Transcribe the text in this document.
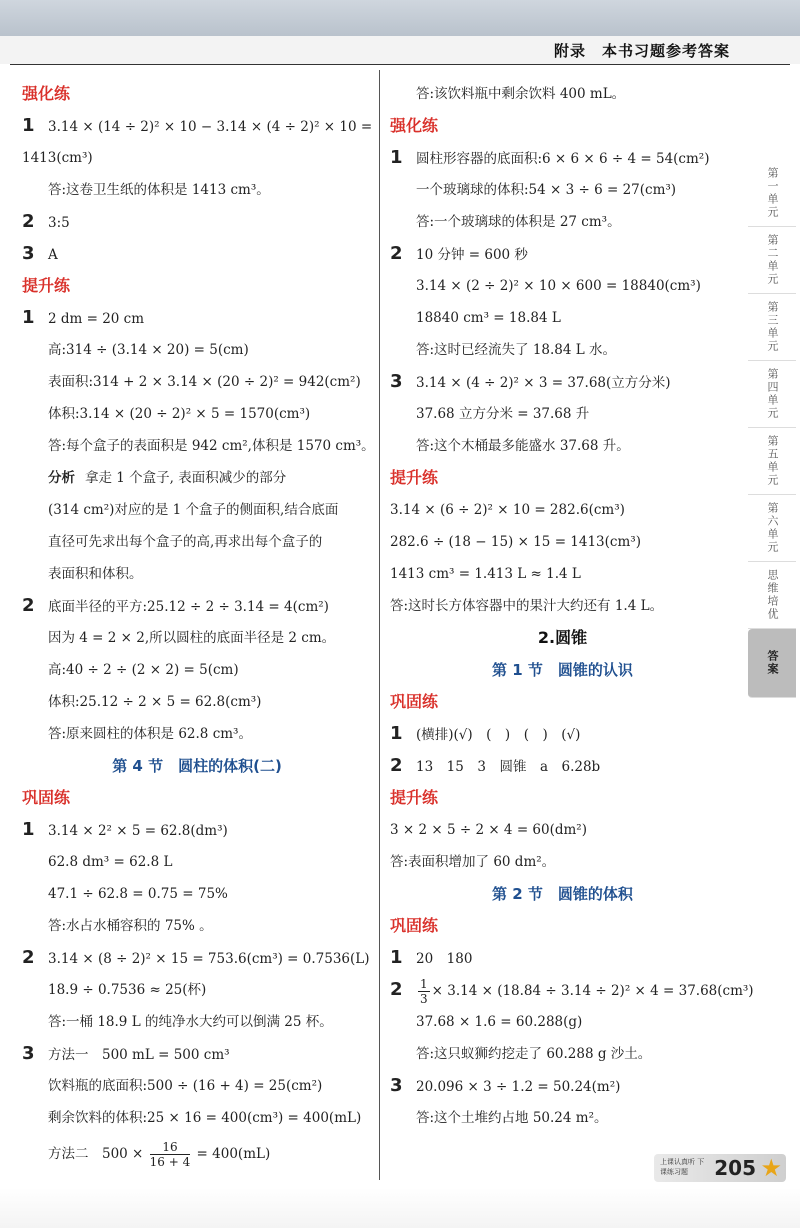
附录　本书习题参考答案
强化练
1 3.14 × (14 ÷ 2)² × 10 − 3.14 × (4 ÷ 2)² × 10 =
1413(cm³)
答:这卷卫生纸的体积是 1413 cm³。
2 3:5
3 A
提升练
1 2 dm = 20 cm
高:314 ÷ (3.14 × 20) = 5(cm)
表面积:314 + 2 × 3.14 × (20 ÷ 2)² = 942(cm²)
体积:3.14 × (20 ÷ 2)² × 5 = 1570(cm³)
答:每个盒子的表面积是 942 cm²,体积是 1570 cm³。
分析 拿走 1 个盒子, 表面积减少的部分
(314 cm²)对应的是 1 个盒子的侧面积,结合底面
直径可先求出每个盒子的高,再求出每个盒子的
表面积和体积。
2 底面半径的平方:25.12 ÷ 2 ÷ 3.14 = 4(cm²)
因为 4 = 2 × 2,所以圆柱的底面半径是 2 cm。
高:40 ÷ 2 ÷ (2 × 2) = 5(cm)
体积:25.12 ÷ 2 × 5 = 62.8(cm³)
答:原来圆柱的体积是 62.8 cm³。
第 4 节　圆柱的体积(二)
巩固练
1 3.14 × 2² × 5 = 62.8(dm³)
62.8 dm³ = 62.8 L
47.1 ÷ 62.8 = 0.75 = 75%
答:水占水桶容积的 75% 。
2 3.14 × (8 ÷ 2)² × 15 = 753.6(cm³) = 0.7536(L)
18.9 ÷ 0.7536 ≈ 25(杯)
答:一桶 18.9 L 的纯净水大约可以倒满 25 杯。
3 方法一　500 mL = 500 cm³
饮料瓶的底面积:500 ÷ (16 + 4) = 25(cm²)
剩余饮料的体积:25 × 16 = 400(cm³) = 400(mL)
方法二　$500 \times \frac{16}{16 + 4} = 400(mL)$
答:该饮料瓶中剩余饮料 400 mL。
强化练
1 圆柱形容器的底面积:6 × 6 × 6 ÷ 4 = 54(cm²)
一个玻璃球的体积:54 × 3 ÷ 6 = 27(cm³)
答:一个玻璃球的体积是 27 cm³。
2 10 分钟 = 600 秒
3.14 × (2 ÷ 2)² × 10 × 600 = 18840(cm³)
18840 cm³ = 18.84 L
答:这时已经流失了 18.84 L 水。
3 3.14 × (4 ÷ 2)² × 3 = 37.68(立方分米)
37.68 立方分米 = 37.68 升
答:这个木桶最多能盛水 37.68 升。
提升练
3.14 × (6 ÷ 2)² × 10 = 282.6(cm³)
282.6 ÷ (18 − 15) × 15 = 1413(cm³)
1413 cm³ = 1.413 L ≈ 1.4 L
答:这时长方体容器中的果汁大约还有 1.4 L。
2.圆锥
第 1 节　圆锥的认识
巩固练
1 (横排)(√)　(　)　(　)　(√)
2 13　15　3　圆锥　a　6.28b
提升练
3 × 2 × 5 ÷ 2 × 4 = 60(dm²)
答:表面积增加了 60 dm²。
第 2 节　圆锥的体积
巩固练
1 20　180
$2 \frac{1}{3} \times 3.14 \times (18.84 \div 3.14 \div 2)^2 \times 4 = 37.68(cm^3)$
37.68 × 1.6 = 60.288(g)
答:这只蚁狮约挖走了 60.288 g 沙土。
3 20.096 × 3 ÷ 1.2 = 50.24(m²)
答:这个土堆约占地 50.24 m²。
第一单元
第二单元
第三单元
第四单元
第五单元
第六单元
思维培优
答案
上课认真听 下课练习题	205 ★
